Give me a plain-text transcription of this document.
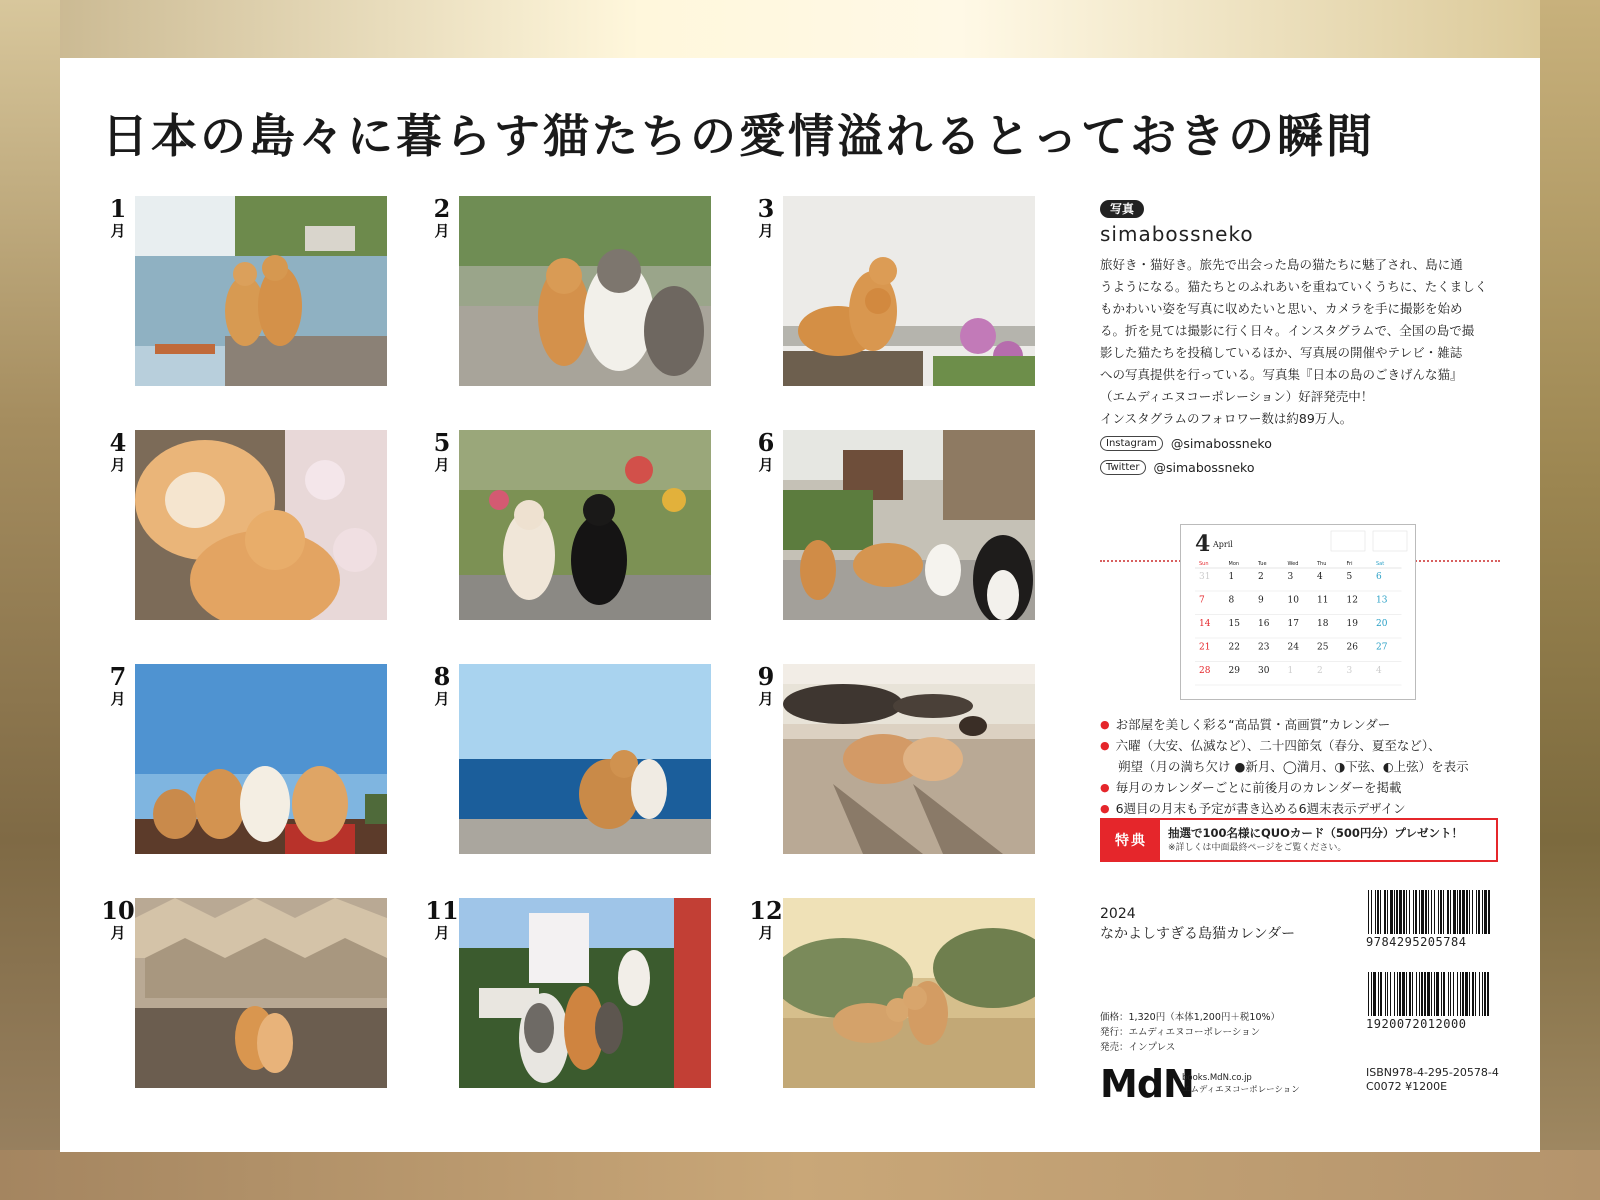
日本の島々に暮らす猫たちの愛情溢れるとっておきの瞬間
1
月
2
月
3
月
4
月
5
月
6
月
7
月
8
月
9
月
10
月
11
月
12
月
写真
simabossneko
旅好き・猫好き。旅先で出会った島の猫たちに魅了され、島に通
うようになる。猫たちとのふれあいを重ねていくうちに、たくましく
もかわいい姿を写真に収めたいと思い、カメラを手に撮影を始め
る。折を見ては撮影に行く日々。インスタグラムで、全国の島で撮
影した猫たちを投稿しているほか、写真展の開催やテレビ・雑誌
への写真提供を行っている。写真集『日本の島のごきげんな猫』
（エムディエヌコーポレーション）好評発売中！
インスタグラムのフォロワー数は約89万人。
Instagram	@simabossneko
Twitter	@simabossneko
4 April
Sun	Mon	Tue	Wed	Thu	Fri	Sat
31 1	2	3	4	5	6
7	8	9	10 11 12 13
14 15 16 17 18 19 20
21 22 23 24 25 26 27
28 29 30 1	2	3	4
● お部屋を美しく彩る“高品質・高画質”カレンダー
● 六曜（大安、仏滅など）、二十四節気（春分、夏至など）、
朔望（月の満ち欠け ●新月、◯満月、◑下弦、◐上弦）を表示
● 毎月のカレンダーごとに前後月のカレンダーを掲載
● 6週目の月末も予定が書き込める6週末表示デザイン
特典	抽選で100名様にQUOカード（500円分）プレゼント！
※詳しくは中面最終ページをご覧ください。
2024
なかよしすぎる島猫カレンダー
価格：1,320円（本体1,200円＋税10%）
発行：エムディエヌコーポレーション
発売：インプレス
MdN
books.MdN.co.jp
エムディエヌコーポレーション
9784295205784
1920072012000
ISBN978-4-295-20578-4
C0072 ¥1200E
